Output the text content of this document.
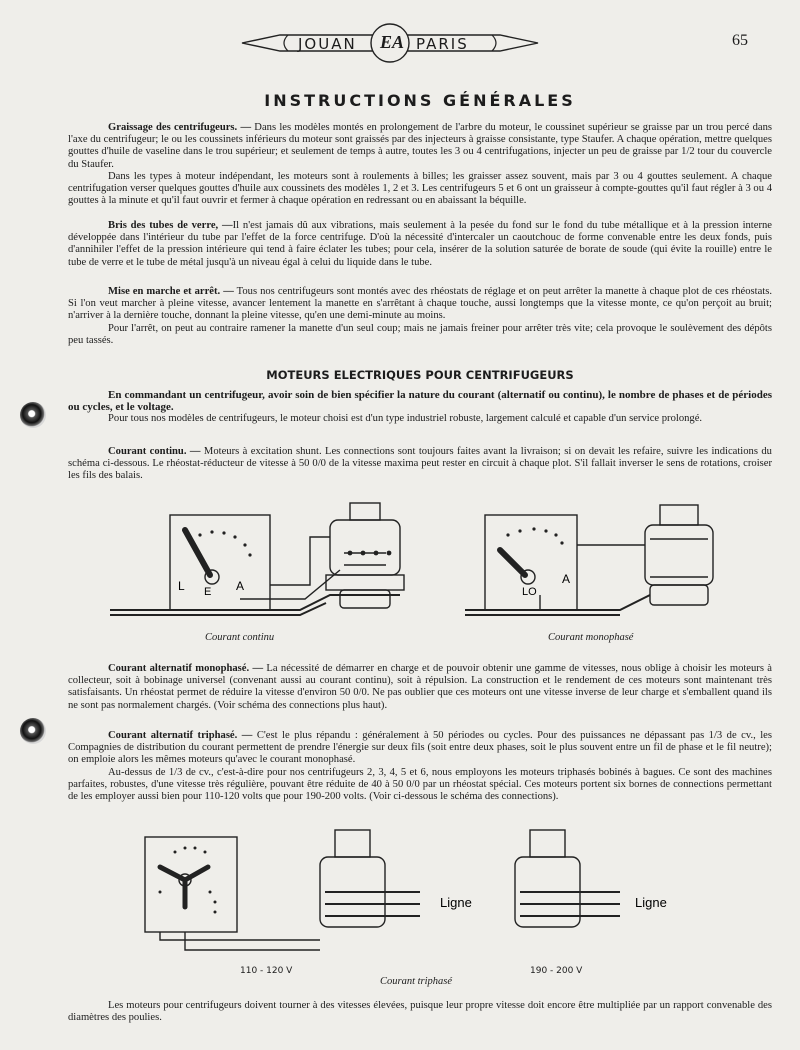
JOUAN EA PARIS	65
INSTRUCTIONS GÉNÉRALES

Graissage des centrifugeurs. — Dans les modèles montés en prolongement de l'arbre du moteur, le coussinet supérieur se graisse par un trou percé dans l'axe du centrifugeur; le ou les coussinets inférieurs du moteur sont graissés par des injecteurs à graisse consistante, type Staufer. A chaque opération, mettre quelques gouttes d'huile de vaseline dans le trou supérieur; et seulement de temps à autre, toutes les 3 ou 4 centrifugations, injecter un peu de graisse par 1/2 tour du couvercle du Staufer.

Dans les types à moteur indépendant, les moteurs sont à roulements à billes; les graisser assez souvent, mais par 3 ou 4 gouttes seulement. A chaque centrifugation verser quelques gouttes d'huile aux coussinets des modèles 1, 2 et 3. Les centrifugeurs 5 et 6 ont un graisseur à compte-gouttes qu'il faut régler à 3 ou 4 gouttes à la minute et qu'il faut ouvrir et fermer à chaque opération en redressant ou en abaissant la béquille.

Bris des tubes de verre, —Il n'est jamais dû aux vibrations, mais seulement à la pesée du fond sur le fond du tube métallique et à la pression interne développée dans l'intérieur du tube par l'effet de la force centrifuge. D'où la nécessité d'intercaler un caoutchouc de forme convenable entre les deux fonds, puis d'annihiler l'effet de la pression intérieure qui tend à faire éclater les tubes; pour cela, insérer de la solution saturée de borate de soude (qui évite la rouille) entre le tube de verre et le tube de métal jusqu'à un niveau égal à celui du liquide dans le tube.

Mise en marche et arrêt. — Tous nos centrifugeurs sont montés avec des rhéostats de réglage et on peut arrêter la manette à chaque plot de ces rhéostats. Si l'on veut marcher à pleine vitesse, avancer lentement la manette en s'arrêtant à chaque touche, aussi longtemps que la vitesse monte, ce qu'on perçoit au bruit; n'arriver à la dernière touche, donnant la pleine vitesse, qu'en une demi-minute au moins.

Pour l'arrêt, on peut au contraire ramener la manette d'un seul coup; mais ne jamais freiner pour arrêter très vite; cela provoque le soulèvement des dépôts peu tassés.

MOTEURS ELECTRIQUES POUR CENTRIFUGEURS

En commandant un centrifugeur, avoir soin de bien spécifier la nature du courant (alternatif ou continu), le nombre de phases et de périodes ou cycles, et le voltage.

Pour tous nos modèles de centrifugeurs, le moteur choisi est d'un type industriel robuste, largement calculé et capable d'un service prolongé.

Courant continu. — Moteurs à excitation shunt. Les connections sont toujours faites avant la livraison; si on devait les refaire, suivre les indications du schéma ci-dessous. Le rhéostat-réducteur de vitesse à 50 0/0 de la vitesse maxima peut rester en circuit à chaque plot. S'il fallait inverser le sens de rotations, croiser les fils des balais.

L E A	LO
A
Courant continu	Courant monophasé

Courant alternatif monophasé. — La nécessité de démarrer en charge et de pouvoir obtenir une gamme de vitesses, nous oblige à choisir les moteurs à collecteur, soit à bobinage universel (convenant aussi au courant continu), soit à répulsion. La construction et le rendement de ces moteurs sont maintenant très satisfaisants. Un rhéostat permet de réduire la vitesse d'environ 50 0/0. Ne pas oublier que ces moteurs ont une vitesse inverse de leur charge et s'emballent quand ils ne sont pas normalement chargés. (Voir schéma des connections plus haut).

Courant alternatif triphasé. — C'est le plus répandu : généralement à 50 périodes ou cycles. Pour des puissances ne dépassant pas 1/3 de cv., les Compagnies de distribution du courant permettent de prendre l'énergie sur deux fils (soit entre deux phases, soit le plus souvent entre un fil de phase et le fil neutre); on emploie alors les mêmes moteurs qu'avec le courant monophasé.

Au-dessus de 1/3 de cv., c'est-à-dire pour nos centrifugeurs 2, 3, 4, 5 et 6, nous employons les moteurs triphasés bobinés à bagues. Ce sont des machines parfaites, robustes, d'une vitesse très régulière, pouvant être réduite de 40 à 50 0/0 par un rhéostat spécial. Ces moteurs portent six bornes de connections permettant de les employer aussi bien pour 110-120 volts que pour 190-200 volts. (Voir ci-dessous le schéma des connections).

Ligne	Ligne
110 - 120 V
Courant triphasé
190 - 200 V

Les moteurs pour centrifugeurs doivent tourner à des vitesses élevées, puisque leur propre vitesse doit encore être multipliée par un rapport convenable des diamètres des poulies.
